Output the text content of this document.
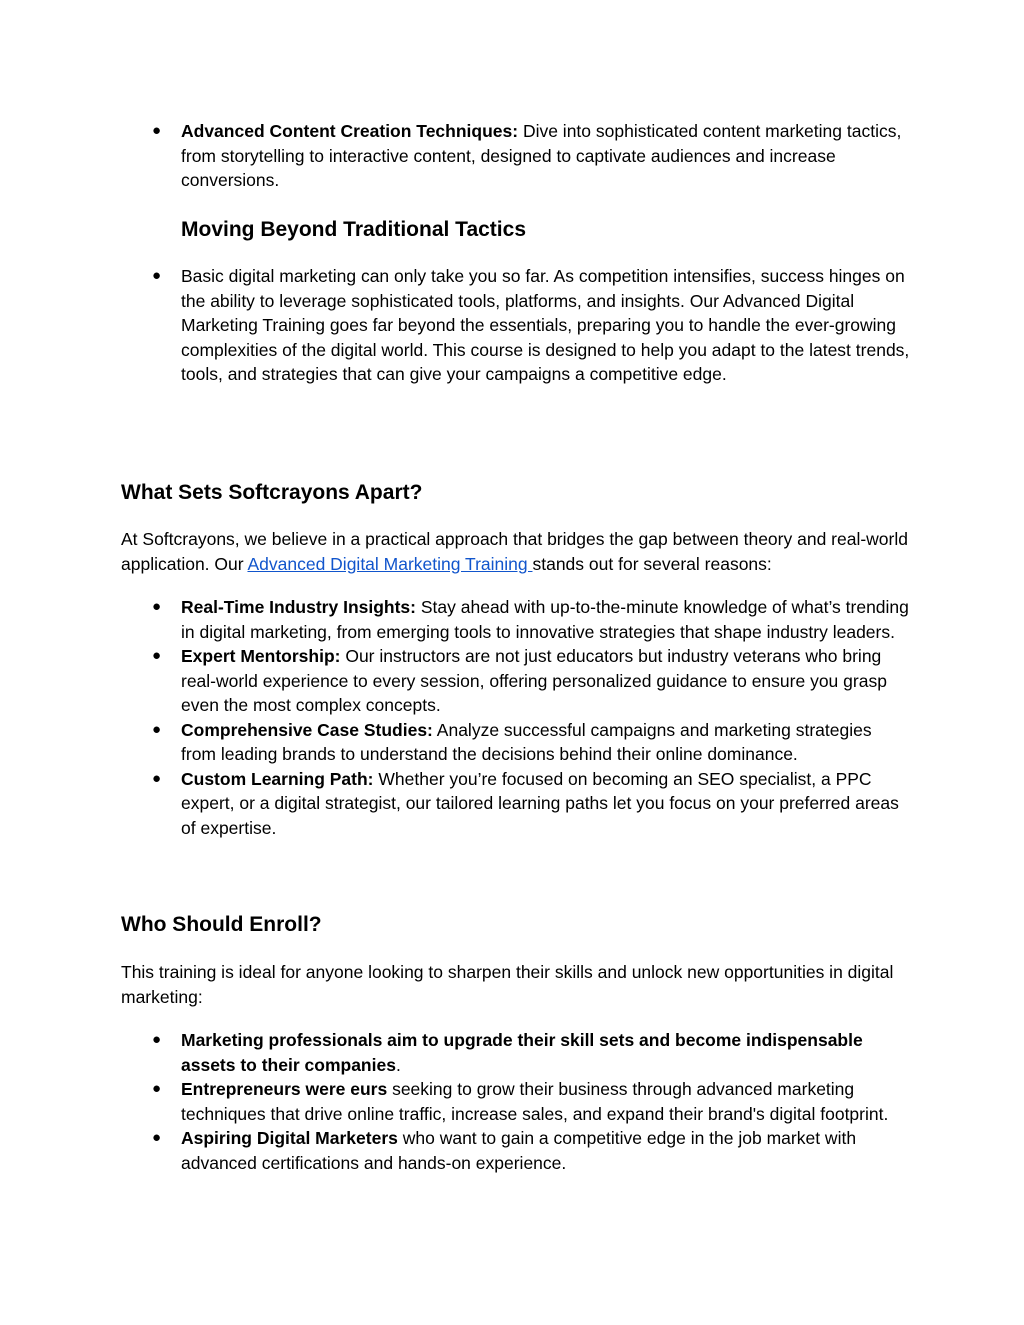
● Advanced Content Creation Techniques: Dive into sophisticated content marketing tactics, from storytelling to interactive content, designed to captivate audiences and increase conversions.
Moving Beyond Traditional Tactics
● Basic digital marketing can only take you so far. As competition intensifies, success hinges on the ability to leverage sophisticated tools, platforms, and insights. Our Advanced Digital Marketing Training goes far beyond the essentials, preparing you to handle the ever-growing complexities of the digital world. This course is designed to help you adapt to the latest trends, tools, and strategies that can give your campaigns a competitive edge.
What Sets Softcrayons Apart?

At Softcrayons, we believe in a practical approach that bridges the gap between theory and real-world application. Our Advanced Digital Marketing Training stands out for several reasons:

● Real-Time Industry Insights: Stay ahead with up-to-the-minute knowledge of what’s trending in digital marketing, from emerging tools to innovative strategies that shape industry leaders.
● Expert Mentorship: Our instructors are not just educators but industry veterans who bring real-world experience to every session, offering personalized guidance to ensure you grasp even the most complex concepts.
● Comprehensive Case Studies: Analyze successful campaigns and marketing strategies from leading brands to understand the decisions behind their online dominance.
● Custom Learning Path: Whether you’re focused on becoming an SEO specialist, a PPC expert, or a digital strategist, our tailored learning paths let you focus on your preferred areas of expertise.
Who Should Enroll?

This training is ideal for anyone looking to sharpen their skills and unlock new opportunities in digital marketing:

● Marketing professionals aim to upgrade their skill sets and become indispensable assets to their companies.
● Entrepreneurs were eurs seeking to grow their business through advanced marketing techniques that drive online traffic, increase sales, and expand their brand's digital footprint.
● Aspiring Digital Marketers who want to gain a competitive edge in the job market with advanced certifications and hands-on experience.
